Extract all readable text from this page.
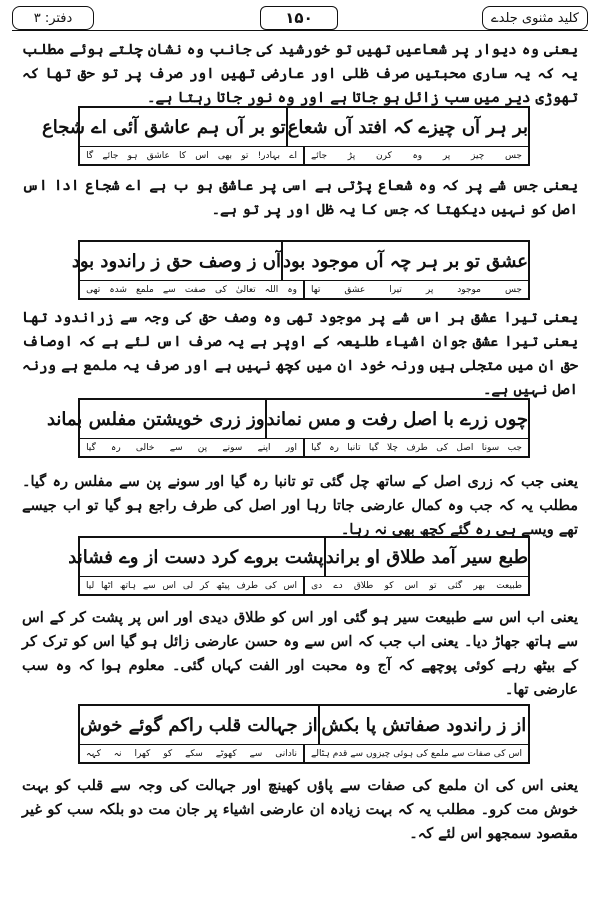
دفتر: ۳	۱۵۰	کلید مثنوی جلدے
یعنی وہ دیوار پر شعاعیں تھیں تو خورشید کی جانب وہ نشان چلتے ہوئے مطلب یہ کہ یہ ساری محبتیں صرف ظلی اور عارضی تھیں اور صرف پر تو حق تھا کہ تھوڑی دیر میں سب زائل ہو جاتا ہے اور وہ نور جاتا رہتا ہے۔
بر ہر آں چیزے کہ افتد آں شعاع
تو بر آں ہم عاشق آئی اے شجاع
جس
چیز
پر
وہ
کرن
پڑ
جائے
اے
بہادر!
تو
بھی
اس
کا
عاشق
ہو
جائے
گا
یعنی جس شے پر کہ وہ شعاع پڑتی ہے اسی پر عاشق ہو ب ہے اے شجاع ادا اس اصل کو نہیں دیکھتا کہ جس کا یہ ظل اور پر تو ہے۔
عشق تو بر ہر چہ آں موجود بود
آں ز وصف حق ز راندود بود
جس
موجود
پر
تیرا
عشق
تھا
وہ
اللہ
تعالیٰ
کی
صفت
سے
ملمع
شدہ
تھی
یعنی تیرا عشق ہر اس شے پر موجود تھی وہ وصف حق کی وجہ سے زراندود تھا یعنی تیرا عشق جوان اشیاء طلیعہ کے اوپر ہے یہ صرف اس لئے ہے کہ اوصاف حق ان میں متجلی ہیں ورنہ خود ان میں کچھ نہیں ہے اور صرف یہ ملمع ہے ورنہ اصل نہیں ہے۔
چوں زرے با اصل رفت و مس نماند
وز زری خویشتن مفلس بماند
جب
سونا
اصل
کی
طرف
چلا
گیا
تانبا
رہ
گیا
اور
اپنے
سونے
پن
سے
خالی
رہ
گیا
یعنی جب کہ زری اصل کے ساتھ چل گئی تو تانبا رہ گیا اور سونے پن سے مفلس رہ گیا۔ مطلب یہ کہ جب وہ کمال عارضی جاتا رہا اور اصل کی طرف راجع ہو گیا تو اب جیسے تھے ویسے ہی رہ گئے کچھ بھی نہ رہا۔
طبع سیر آمد طلاق او براند
پشت بروے کرد دست از وے فشاند
طبیعت
بھر
گئی
تو
اس
کو
طلاق
دے
دی
اس
کی
طرف
پیٹھ
کر
لی
اس
سے
ہاتھ
اٹھا
لیا
یعنی اب اس سے طبیعت سیر ہو گئی اور اس کو طلاق دیدی اور اس پر پشت کر کے اس سے ہاتھ جھاڑ دیا۔ یعنی اب جب کہ اس سے وہ حسن عارضی زائل ہو گیا اس کو ترک کر کے بیٹھ رہے کوئی پوچھے کہ آج وہ محبت اور الفت کہاں گئی۔ معلوم ہوا کہ وہ سب عارضی تھا۔
از ز راندود صفاتش پا بکش
از جہالت قلب راکم گوئے خوش
اس
کی
صفات
سے
ملمع
کی
ہوئی
چیزوں
سے
قدم
ہٹالے
نادانی
سے
کھوٹے
سکے
کو
کھرا
نہ
کہہ
یعنی اس کی ان ملمع کی صفات سے پاؤں کھینچ اور جہالت کی وجہ سے قلب کو بہت خوش مت کرو۔ مطلب یہ کہ بہت زیادہ ان عارضی اشیاء پر جان مت دو بلکہ سب کو غیر مقصود سمجھو اس لئے کہ۔
